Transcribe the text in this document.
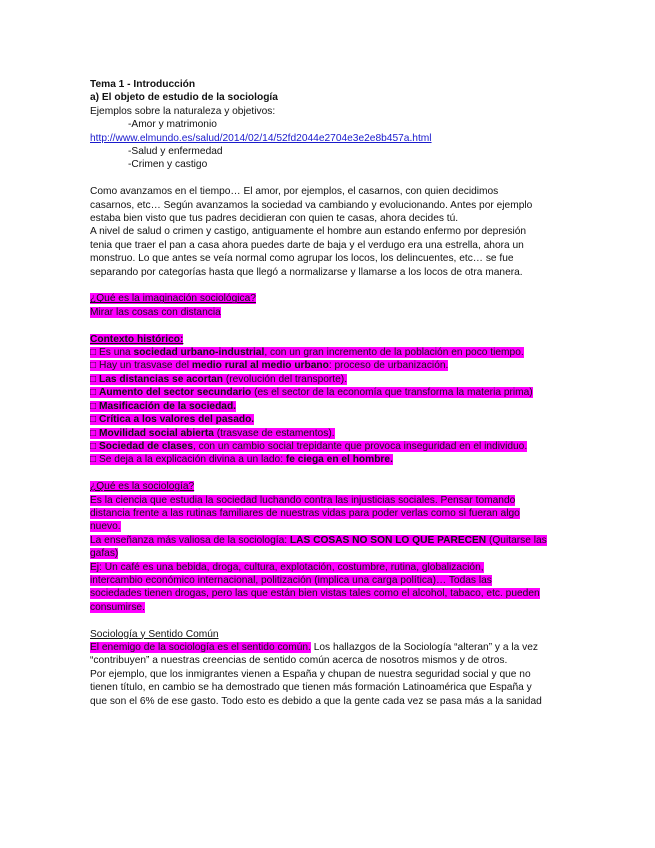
Tema 1 - Introducción

a) El objeto de estudio de la sociología

Ejemplos sobre la naturaleza y objetivos:

-Amor y matrimonio

http://www.elmundo.es/salud/2014/02/14/52fd2044e2704e3e2e8b457a.html

-Salud y enfermedad

-Crimen y castigo

Como avanzamos en el tiempo… El amor, por ejemplos, el casarnos, con quien decidimos

casarnos, etc… Según avanzamos la sociedad va cambiando y evolucionando. Antes por ejemplo

estaba bien visto que tus padres decidieran con quien te casas, ahora decides tú.

A nivel de salud o crimen y castigo, antiguamente el hombre aun estando enfermo por depresión

tenia que traer el pan a casa ahora puedes darte de baja y el verdugo era una estrella, ahora un

monstruo. Lo que antes se veía normal como agrupar los locos, los delincuentes, etc… se fue

separando por categorías hasta que llegó a normalizarse y llamarse a los locos de otra manera.

¿Qué es la imaginación sociológica?

Mirar las cosas con distancia

Contexto histórico:

□ Es una sociedad urbano-industrial, con un gran incremento de la población en poco tiempo.

□ Hay un trasvase del medio rural al medio urbano: proceso de urbanización.

□ Las distancias se acortan (revolución del transporte).

□ Aumento del sector secundario (es el sector de la economía que transforma la materia prima)

□ Masificación de la sociedad.

□ Crítica a los valores del pasado.

□ Movilidad social abierta (trasvase de estamentos).

□ Sociedad de clases, con un cambio social trepidante que provoca inseguridad en el individuo.

□ Se deja a la explicación divina a un lado: fe ciega en el hombre.

¿Qué es la sociología?

Es la ciencia que estudia la sociedad luchando contra las injusticias sociales. Pensar tomando

distancia frente a las rutinas familiares de nuestras vidas para poder verlas como si fueran algo

nuevo.

La enseñanza más valiosa de la sociología: LAS COSAS NO SON LO QUE PARECEN (Quitarse las

gafas)

Ej: Un café es una bebida, droga, cultura, explotación, costumbre, rutina, globalización,

intercambio económico internacional, politización (implica una carga política)… Todas las

sociedades tienen drogas, pero las que están bien vistas tales como el alcohol, tabaco, etc. pueden

consumirse.

Sociología y Sentido Común

El enemigo de la sociología es el sentido común. Los hallazgos de la Sociología “alteran” y a la vez

“contribuyen” a nuestras creencias de sentido común acerca de nosotros mismos y de otros.

Por ejemplo, que los inmigrantes vienen a España y chupan de nuestra seguridad social y que no

tienen título, en cambio se ha demostrado que tienen más formación Latinoamérica que España y

que son el 6% de ese gasto. Todo esto es debido a que la gente cada vez se pasa más a la sanidad
